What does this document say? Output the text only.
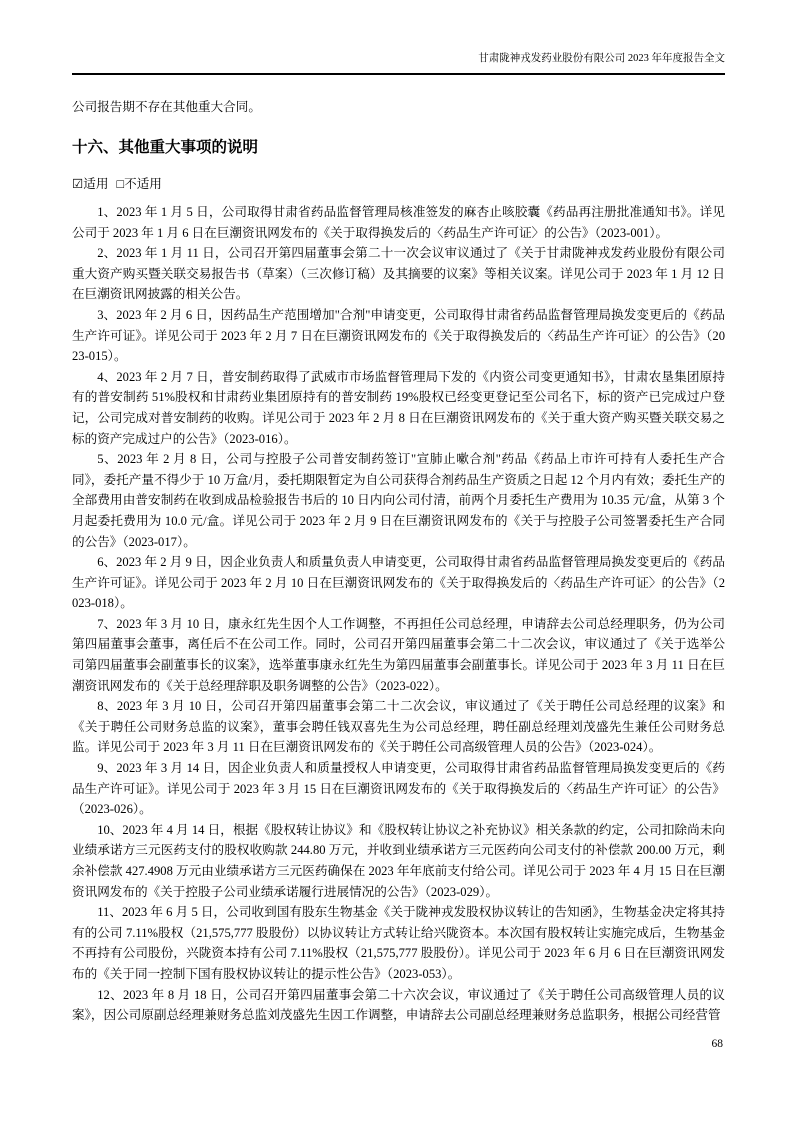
甘肃陇神戎发药业股份有限公司 2023 年年度报告全文
公司报告期不存在其他重大合同。
十六、其他重大事项的说明
☑适用 □不适用

1、2023 年 1 月 5 日，公司取得甘肃省药品监督管理局核准签发的麻杏止咳胶囊《药品再注册批准通知书》。详见公司于 2023 年 1 月 6 日在巨潮资讯网发布的《关于取得换发后的〈药品生产许可证〉的公告》（2023-001）。

2、2023 年 1 月 11 日，公司召开第四届董事会第二十一次会议审议通过了《关于甘肃陇神戎发药业股份有限公司重大资产购买暨关联交易报告书（草案）（三次修订稿）及其摘要的议案》等相关议案。详见公司于 2023 年 1 月 12 日在巨潮资讯网披露的相关公告。

3、2023 年 2 月 6 日，因药品生产范围增加"合剂"申请变更，公司取得甘肃省药品监督管理局换发变更后的《药品生产许可证》。详见公司于 2023 年 2 月 7 日在巨潮资讯网发布的《关于取得换发后的〈药品生产许可证〉的公告》（2023-015）。

4、2023 年 2 月 7 日，普安制药取得了武威市市场监督管理局下发的《内资公司变更通知书》，甘肃农垦集团原持有的普安制药 51%股权和甘肃药业集团原持有的普安制药 19%股权已经变更登记至公司名下，标的资产已完成过户登记，公司完成对普安制药的收购。详见公司于 2023 年 2 月 8 日在巨潮资讯网发布的《关于重大资产购买暨关联交易之标的资产完成过户的公告》（2023-016）。

5、2023 年 2 月 8 日，公司与控股子公司普安制药签订"宣肺止嗽合剂"药品《药品上市许可持有人委托生产合同》，委托产量不得少于 10 万盒/月，委托期限暂定为自公司获得合剂药品生产资质之日起 12 个月内有效；委托生产的全部费用由普安制药在收到成品检验报告书后的 10 日内向公司付清，前两个月委托生产费用为 10.35 元/盒，从第 3 个月起委托费用为 10.0 元/盒。详见公司于 2023 年 2 月 9 日在巨潮资讯网发布的《关于与控股子公司签署委托生产合同的公告》（2023-017）。

6、2023 年 2 月 9 日，因企业负责人和质量负责人申请变更，公司取得甘肃省药品监督管理局换发变更后的《药品生产许可证》。详见公司于 2023 年 2 月 10 日在巨潮资讯网发布的《关于取得换发后的〈药品生产许可证〉的公告》（2023-018）。

7、2023 年 3 月 10 日，康永红先生因个人工作调整，不再担任公司总经理，申请辞去公司总经理职务，仍为公司第四届董事会董事，离任后不在公司工作。同时，公司召开第四届董事会第二十二次会议，审议通过了《关于选举公司第四届董事会副董事长的议案》，选举董事康永红先生为第四届董事会副董事长。详见公司于 2023 年 3 月 11 日在巨潮资讯网发布的《关于总经理辞职及职务调整的公告》（2023-022）。

8、2023 年 3 月 10 日，公司召开第四届董事会第二十二次会议，审议通过了《关于聘任公司总经理的议案》和《关于聘任公司财务总监的议案》，董事会聘任钱双喜先生为公司总经理，聘任副总经理刘茂盛先生兼任公司财务总监。详见公司于 2023 年 3 月 11 日在巨潮资讯网发布的《关于聘任公司高级管理人员的公告》（2023-024）。

9、2023 年 3 月 14 日，因企业负责人和质量授权人申请变更，公司取得甘肃省药品监督管理局换发变更后的《药品生产许可证》。详见公司于 2023 年 3 月 15 日在巨潮资讯网发布的《关于取得换发后的〈药品生产许可证〉的公告》（2023-026）。

10、2023 年 4 月 14 日，根据《股权转让协议》和《股权转让协议之补充协议》相关条款的约定，公司扣除尚未向业绩承诺方三元医药支付的股权收购款 244.80 万元，并收到业绩承诺方三元医药向公司支付的补偿款 200.00 万元，剩余补偿款 427.4908 万元由业绩承诺方三元医药确保在 2023 年年底前支付给公司。详见公司于 2023 年 4 月 15 日在巨潮资讯网发布的《关于控股子公司业绩承诺履行进展情况的公告》（2023-029）。

11、2023 年 6 月 5 日，公司收到国有股东生物基金《关于陇神戎发股权协议转让的告知函》，生物基金决定将其持有的公司 7.11%股权（21,575,777 股股份）以协议转让方式转让给兴陇资本。本次国有股权转让实施完成后，生物基金不再持有公司股份，兴陇资本持有公司 7.11%股权（21,575,777 股股份）。详见公司于 2023 年 6 月 6 日在巨潮资讯网发布的《关于同一控制下国有股权协议转让的提示性公告》（2023-053）。

12、2023 年 8 月 18 日，公司召开第四届董事会第二十六次会议，审议通过了《关于聘任公司高级管理人员的议案》，因公司原副总经理兼财务总监刘茂盛先生因工作调整，申请辞去公司副总经理兼财务总监职务，根据公司经营管

68
